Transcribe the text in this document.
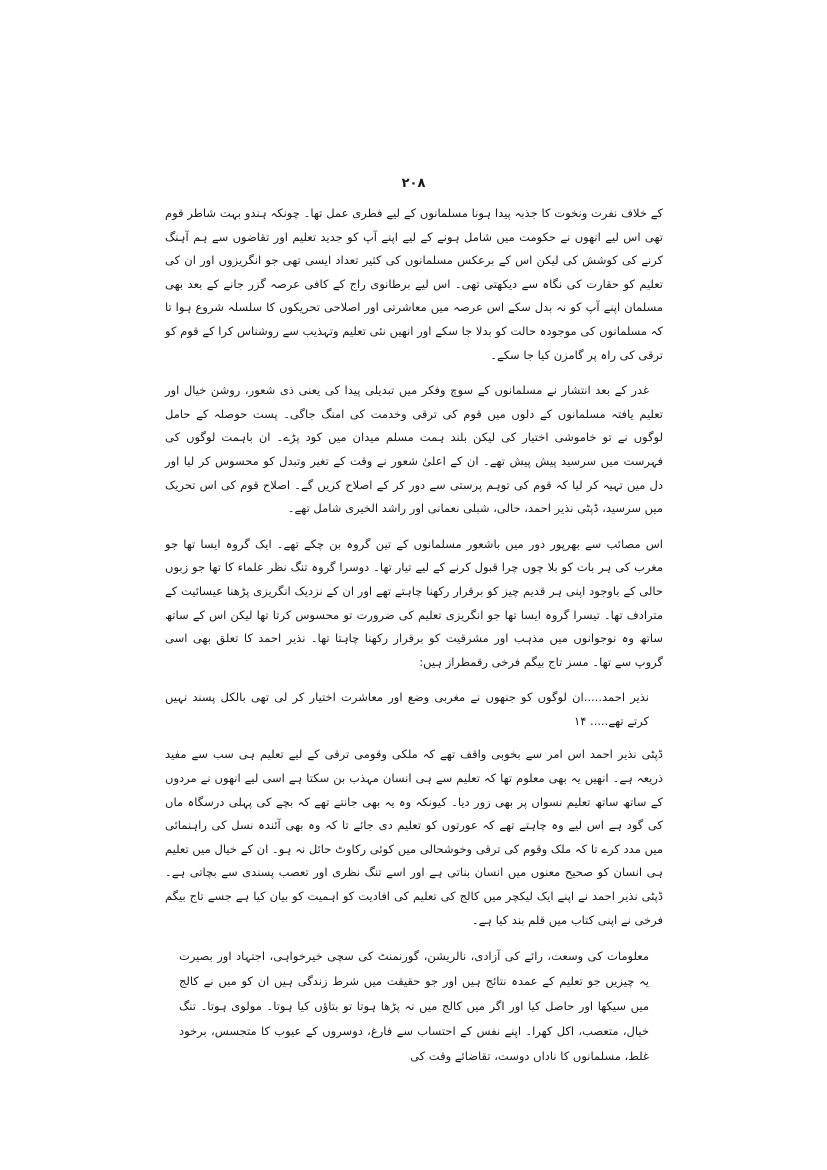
۲۰۸

کے خلاف نفرت ونخوت کا جذبہ پیدا ہونا مسلمانوں کے لیے فطری عمل تھا۔ چونکہ ہندو بہت شاطر قوم تھی اس لیے انھوں نے حکومت میں شامل ہونے کے لیے اپنے آپ کو جدید تعلیم اور تقاضوں سے ہم آہنگ کرنے کی کوشش کی لیکن اس کے برعکس مسلمانوں کی کثیر تعداد ایسی تھی جو انگریزوں اور ان کی تعلیم کو حقارت کی نگاہ سے دیکھتی تھی۔ اس لیے برطانوی راج کے کافی عرصہ گزر جانے کے بعد بھی مسلمان اپنے آپ کو نہ بدل سکے اس عرصہ میں معاشرتی اور اصلاحی تحریکوں کا سلسلہ شروع ہوا تا کہ مسلمانوں کی موجودہ حالت کو بدلا جا سکے اور انھیں نئی تعلیم وتہذیب سے روشناس کرا کے قوم کو ترقی کی راہ پر گامزن کیا جا سکے۔

غدر کے بعد انتشار نے مسلمانوں کے سوچ وفکر میں تبدیلی پیدا کی یعنی ذی شعور، روشن خیال اور تعلیم یافتہ مسلمانوں کے دلوں میں قوم کی ترقی وخدمت کی امنگ جاگی۔ پست حوصلہ کے حامل لوگوں نے تو خاموشی اختیار کی لیکن بلند ہمت مسلم میدان میں کود پڑے۔ ان باہمت لوگوں کی فہرست میں سرسید پیش پیش تھے۔ ان کے اعلیٰ شعور نے وقت کے تغیر وتبدل کو محسوس کر لیا اور دل میں تہیہ کر لیا کہ قوم کی توہم پرستی سے دور کر کے اصلاح کریں گے۔ اصلاح قوم کی اس تحریک میں سرسید، ڈپٹی نذیر احمد، حالی، شبلی نعمانی اور راشد الخیری شامل تھے۔

اس مصائب سے بھرپور دور میں باشعور مسلمانوں کے تین گروہ بن چکے تھے۔ ایک گروہ ایسا تھا جو مغرب کی ہر بات کو بلا چوں چرا قبول کرنے کے لیے تیار تھا۔ دوسرا گروہ تنگ نظر علماء کا تھا جو زبوں حالی کے باوجود اپنی ہر قدیم چیز کو برقرار رکھنا چاہتے تھے اور ان کے نزدیک انگریزی پڑھنا عیسائیت کے مترادف تھا۔ تیسرا گروہ ایسا تھا جو انگریزی تعلیم کی ضرورت تو محسوس کرتا تھا لیکن اس کے ساتھ ساتھ وہ نوجوانوں میں مذہب اور مشرقیت کو برقرار رکھنا چاہتا تھا۔ نذیر احمد کا تعلق بھی اسی گروپ سے تھا۔ مسز تاج بیگم فرخی رقمطراز ہیں:

نذیر احمد.....ان لوگوں کو جنھوں نے مغربی وضع اور معاشرت اختیار کر لی تھی بالکل پسند نہیں کرتے تھے..... ۱۴

ڈپٹی نذیر احمد اس امر سے بخوبی واقف تھے کہ ملکی وقومی ترقی کے لیے تعلیم ہی سب سے مفید ذریعہ ہے۔ انھیں یہ بھی معلوم تھا کہ تعلیم سے ہی انسان مہذب بن سکتا ہے اسی لیے انھوں نے مردوں کے ساتھ ساتھ تعلیم نسواں پر بھی زور دیا۔ کیونکہ وہ یہ بھی جانتے تھے کہ بچے کی پہلی درسگاہ ماں کی گود ہے اس لیے وہ چاہتے تھے کہ عورتوں کو تعلیم دی جائے تا کہ وہ بھی آئندہ نسل کی راہنمائی میں مدد کرے تا کہ ملک وقوم کی ترقی وخوشحالی میں کوئی رکاوٹ حائل نہ ہو۔ ان کے خیال میں تعلیم ہی انسان کو صحیح معنوں میں انسان بناتی ہے اور اسے تنگ نظری اور تعصب پسندی سے بچاتی ہے۔ ڈپٹی نذیر احمد نے اپنے ایک لیکچر میں کالج کی تعلیم کی افادیت کو اہمیت کو بیان کیا ہے جسے تاج بیگم فرخی نے اپنی کتاب میں قلم بند کیا ہے۔

معلومات کی وسعت، رائے کی آزادی، نالریشن، گورنمنٹ کی سچی خیرخواہی، اجتہاد اور بصیرت یہ چیزیں جو تعلیم کے عمدہ نتائج ہیں اور جو حقیقت میں شرط زندگی ہیں ان کو میں نے کالج میں سیکھا اور حاصل کیا اور اگر میں کالج میں نہ پڑھا ہوتا تو بتاؤں کیا ہوتا۔ مولوی ہوتا۔ تنگ خیال، متعصب، اکل کھرا۔ اپنے نفس کے احتساب سے فارغ، دوسروں کے عیوب کا متجسس، برخود غلط، مسلمانوں کا ناداں دوست، تقاضائے وقت کی
